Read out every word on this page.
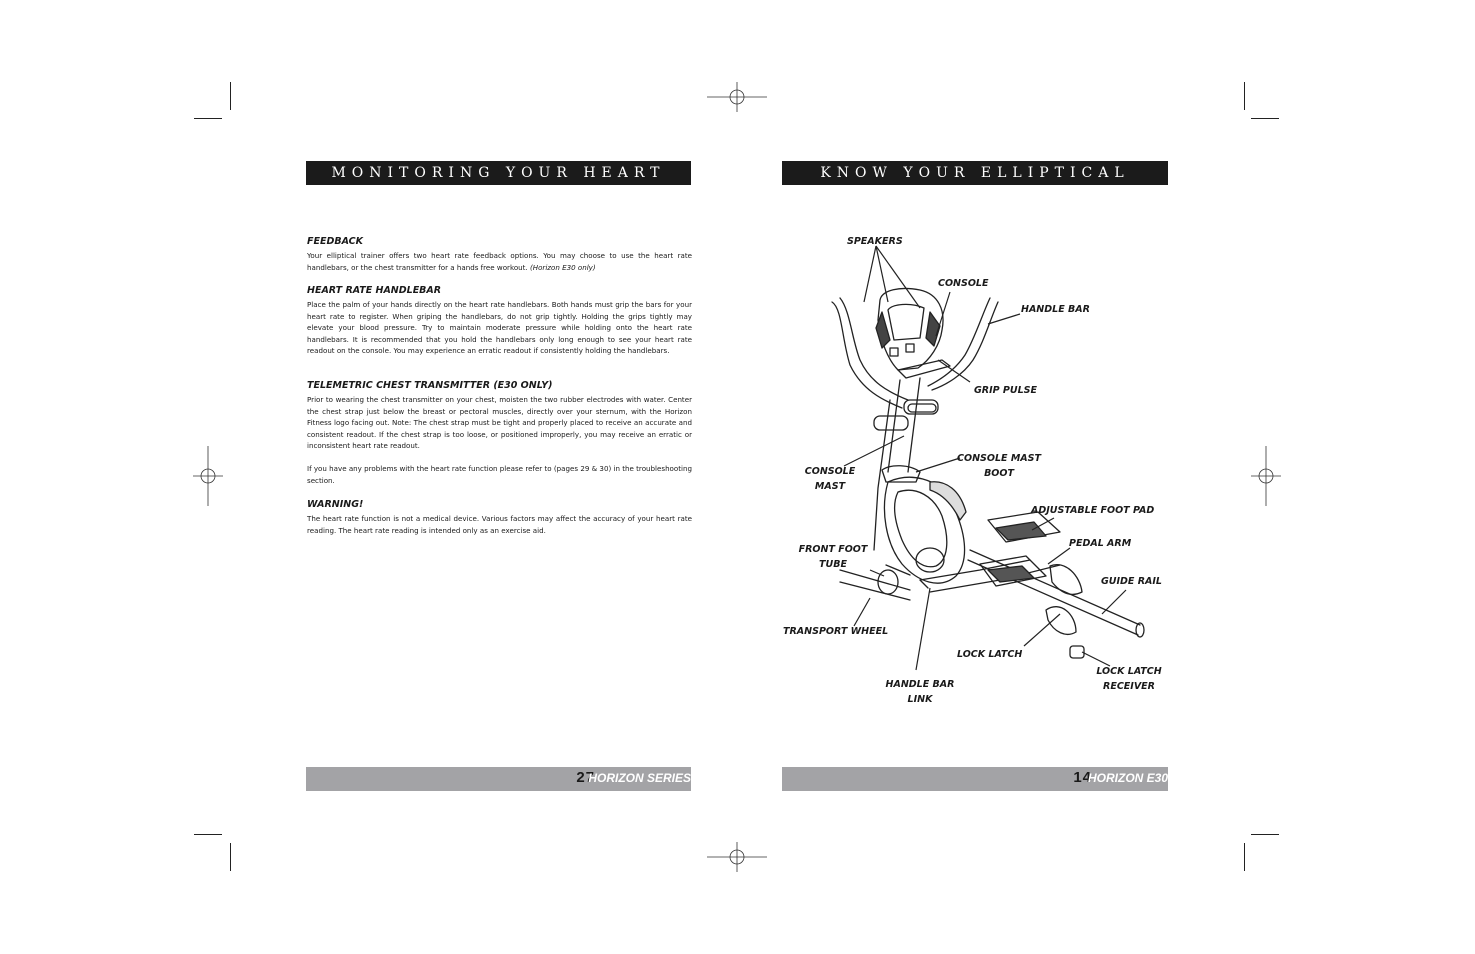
MONITORING YOUR HEART RATE

FEEDBACK

Your elliptical trainer offers two heart rate feedback options. You may choose to use the heart rate handlebars, or the chest transmitter for a hands free workout. (Horizon E30 only)

HEART RATE HANDLEBAR

Place the palm of your hands directly on the heart rate handlebars. Both hands must grip the bars for your heart rate to register. When griping the handlebars, do not grip tightly. Holding the grips tightly may elevate your blood pressure. Try to maintain moderate pressure while holding onto the heart rate handlebars. It is recommended that you hold the handlebars only long enough to see your heart rate readout on the console. You may experience an erratic readout if consistently holding the handlebars.

TELEMETRIC CHEST TRANSMITTER (E30 ONLY)

Prior to wearing the chest transmitter on your chest, moisten the two rubber electrodes with water. Center the chest strap just below the breast or pectoral muscles, directly over your sternum, with the Horizon Fitness logo facing out. Note: The chest strap must be tight and properly placed to receive an accurate and consistent readout. If the chest strap is too loose, or positioned improperly, you may receive an erratic or inconsistent heart rate readout.

If you have any problems with the heart rate function please refer to (pages 29 & 30) in the troubleshooting section.

WARNING!

The heart rate function is not a medical device. Various factors may affect the accuracy of your heart rate reading. The heart rate reading is intended only as an exercise aid.

27
HORIZON SERIES
KNOW YOUR ELLIPTICAL TRAINER
SPEAKERS
CONSOLE
HANDLE BAR
GRIP PULSE
CONSOLE MAST
BOOT
CONSOLE
MAST
ADJUSTABLE FOOT PAD
PEDAL ARM
FRONT FOOT
TUBE
GUIDE RAIL
TRANSPORT WHEEL
LOCK LATCH
LOCK LATCH
RECEIVER
HANDLE BAR
LINK
14
HORIZON E30
